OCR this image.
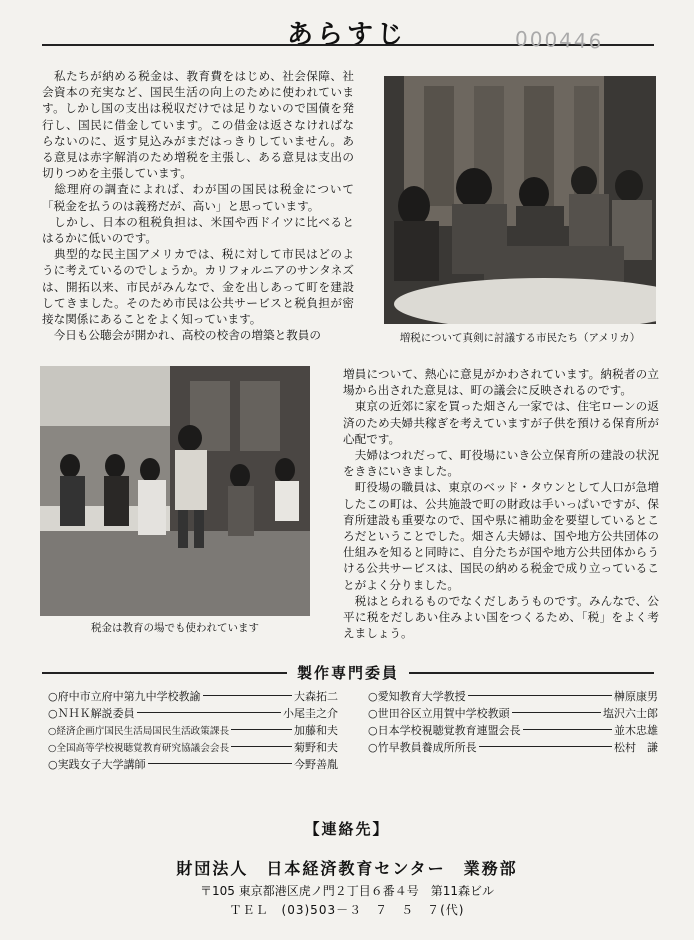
あらすじ	000446

私たちが納める税金は、教育費をはじめ、社会保障、社会資本の充実など、国民生活の向上のために使われています。しかし国の支出は税収だけでは足りないので国債を発行し、国民に借金しています。この借金は返さなければならないのに、返す見込みがまだはっきりしていません。ある意見は赤字解消のため増税を主張し、ある意見は支出の切りつめを主張しています。

総理府の調査によれば、わが国の国民は税金について「税金を払うのは義務だが、高い」と思っています。

しかし、日本の租税負担は、米国や西ドイツに比べるとはるかに低いのです。

典型的な民主国アメリカでは、税に対して市民はどのように考えているのでしょうか。カリフォルニアのサンタネズは、開拓以来、市民がみんなで、金を出しあって町を建設してきました。そのため市民は公共サービスと税負担が密接な関係にあることをよく知っています。

今日も公聴会が開かれ、高校の校舎の増築と教員の	増税について真剣に討議する市民たち（アメリカ）
税金は教育の場でも使われています

増員について、熱心に意見がかわされています。納税者の立場から出された意見は、町の議会に反映されるのです。

東京の近郊に家を買った畑さん一家では、住宅ローンの返済のため夫婦共稼ぎを考えていますが子供を預ける保育所が心配です。

夫婦はつれだって、町役場にいき公立保育所の建設の状況をききにいきました。

町役場の職員は、東京のベッド・タウンとして人口が急増したこの町は、公共施設で町の財政は手いっぱいですが、保育所建設も重要なので、国や県に補助金を要望しているところだということでした。畑さん夫婦は、国や地方公共団体の仕組みを知ると同時に、自分たちが国や地方公共団体からうける公共サービスは、国民の納める税金で成り立っていることがよく分りました。

税はとられるものでなくだしあうものです。みんなで、公平に税をだしあい住みよい国をつくるため、「税」をよく考えましょう。

製作専門委員
○府中市立府中第九中学校教諭	大森拓二
○ＮＨＫ解説委員	小尾圭之介
○経済企画庁国民生活局国民生活政策課長	加藤和夫
○全国高等学校視聴覚教育研究協議会会長	菊野和夫
○実践女子大学講師	今野善胤
○愛知教育大学教授	榊原康男
○世田谷区立用賀中学校教頭	塩沢六士郎
○日本学校視聴覚教育連盟会長	並木忠雄
○竹早教員養成所所長	松村　謙
【連絡先】
財団法人　日本経済教育センター　業務部
〒105 東京都港区虎ノ門２丁目６番４号　第11森ビル
ＴＥＬ　(03)503－３　７　５　７(代)
